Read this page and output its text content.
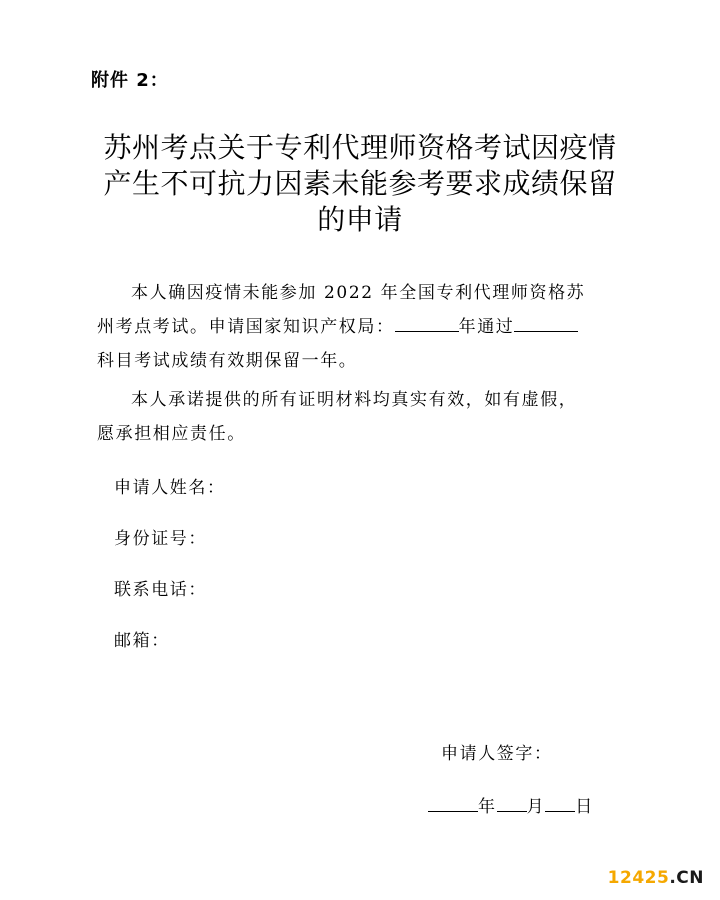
附件 2：
苏州考点关于专利代理师资格考试因疫情
产生不可抗力因素未能参考要求成绩保留
的申请
本人确因疫情未能参加 2022 年全国专利代理师资格苏
州考点考试。申请国家知识产权局：	年通过
科目考试成绩有效期保留一年。
本人承诺提供的所有证明材料均真实有效，如有虚假，
愿承担相应责任。
申请人姓名：
身份证号：
联系电话：
邮箱：
申请人签字：
年 月 日
12425.CN
